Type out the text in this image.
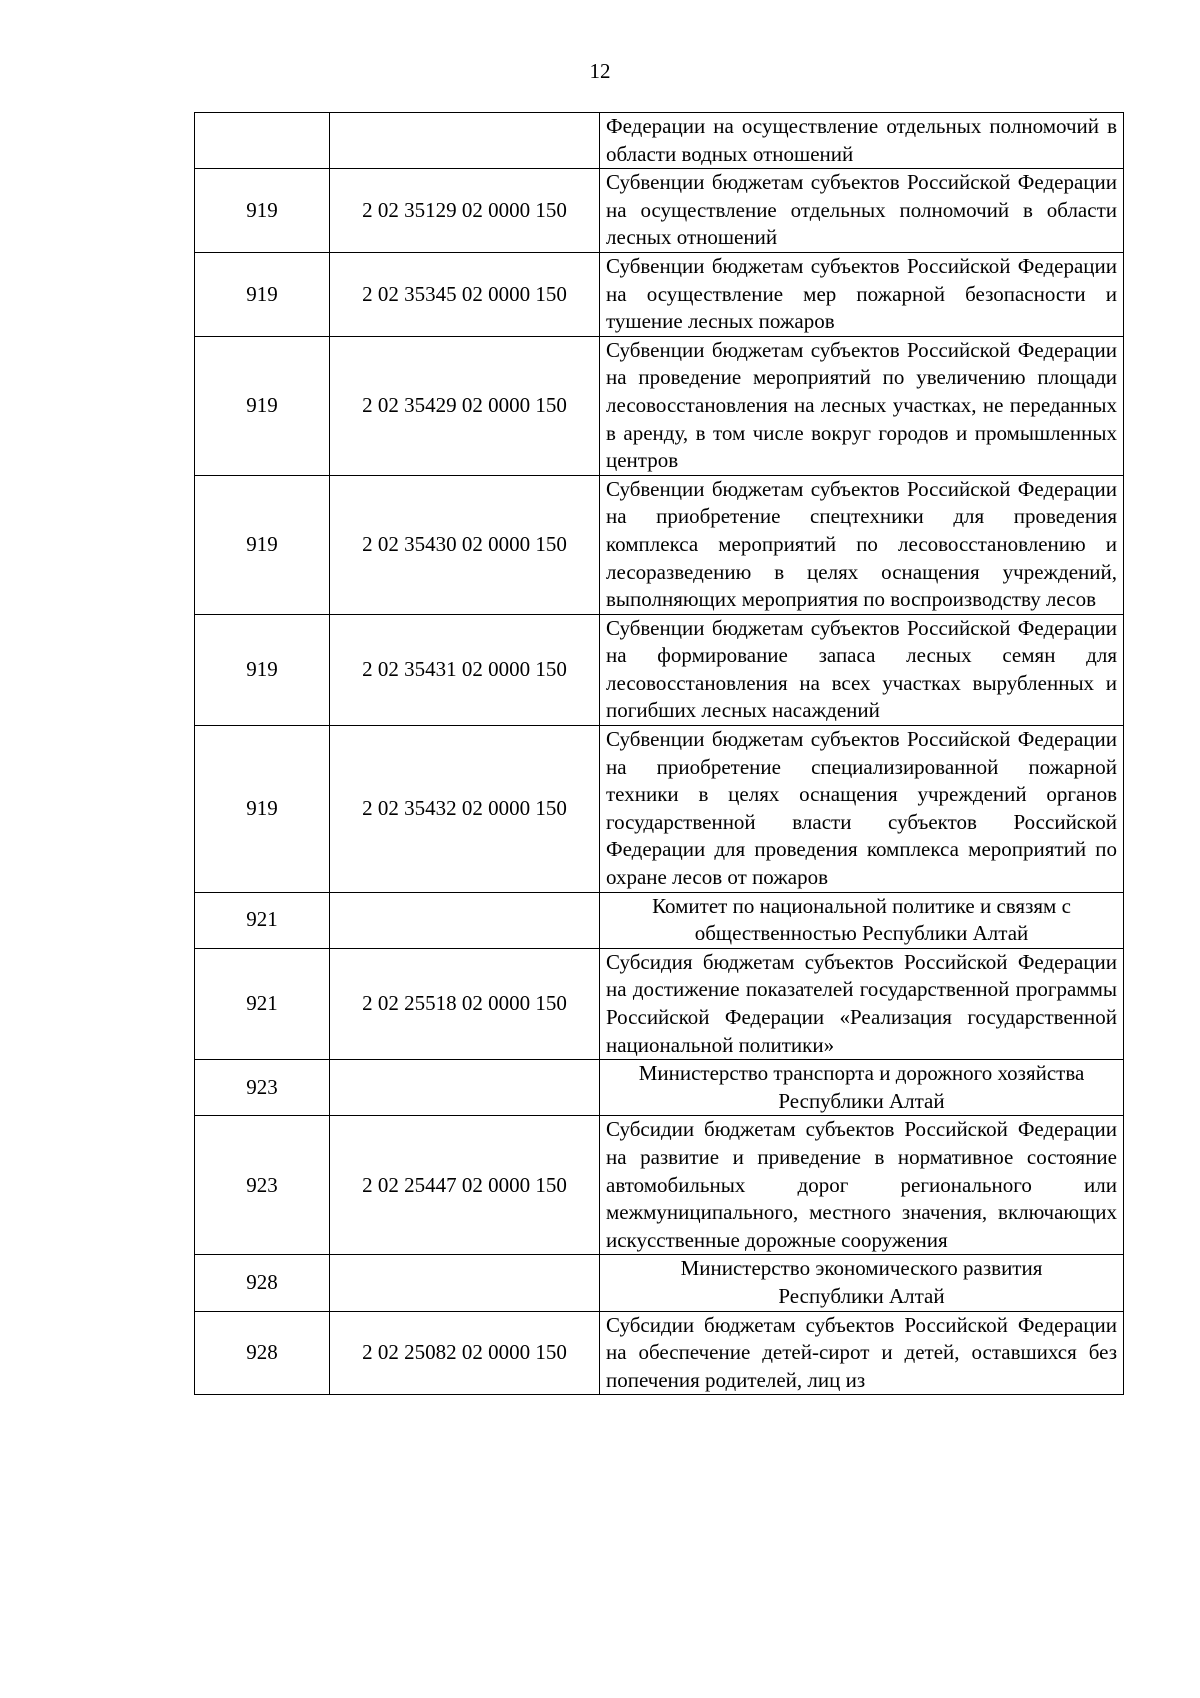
12
		Федерации на осуществление отдельных полномочий в области водных отношений
919	2 02 35129 02 0000 150	Субвенции бюджетам субъектов Российской Федерации на осуществление отдельных полномочий в области лесных отношений
919	2 02 35345 02 0000 150	Субвенции бюджетам субъектов Российской Федерации на осуществление мер пожарной безопасности и тушение лесных пожаров
919	2 02 35429 02 0000 150	Субвенции бюджетам субъектов Российской Федерации на проведение мероприятий по увеличению площади лесовосстановления на лесных участках, не переданных в аренду, в том числе вокруг городов и промышленных центров
919	2 02 35430 02 0000 150	Субвенции бюджетам субъектов Российской Федерации на приобретение спецтехники для проведения комплекса мероприятий по лесовосстановлению и лесоразведению в целях оснащения учреждений, выполняющих мероприятия по воспроизводству лесов
919	2 02 35431 02 0000 150	Субвенции бюджетам субъектов Российской Федерации на формирование запаса лесных семян для лесовосстановления на всех участках вырубленных и погибших лесных насаждений
919	2 02 35432 02 0000 150	Субвенции бюджетам субъектов Российской Федерации на приобретение специализированной пожарной техники в целях оснащения учреждений органов государственной власти субъектов Российской Федерации для проведения комплекса мероприятий по охране лесов от пожаров
921		Комитет по национальной политике и связям с общественностью Республики Алтай
921	2 02 25518 02 0000 150	Субсидия бюджетам субъектов Российской Федерации на достижение показателей государственной программы Российской Федерации «Реализация государственной национальной политики»
923		Министерство транспорта и дорожного хозяйства Республики Алтай
923	2 02 25447 02 0000 150	Субсидии бюджетам субъектов Российской Федерации на развитие и приведение в нормативное состояние автомобильных дорог регионального или межмуниципального, местного значения, включающих искусственные дорожные сооружения
928		Министерство экономического развития Республики Алтай
928	2 02 25082 02 0000 150	Субсидии бюджетам субъектов Российской Федерации на обеспечение детей-сирот и детей, оставшихся без попечения родителей, лиц из
